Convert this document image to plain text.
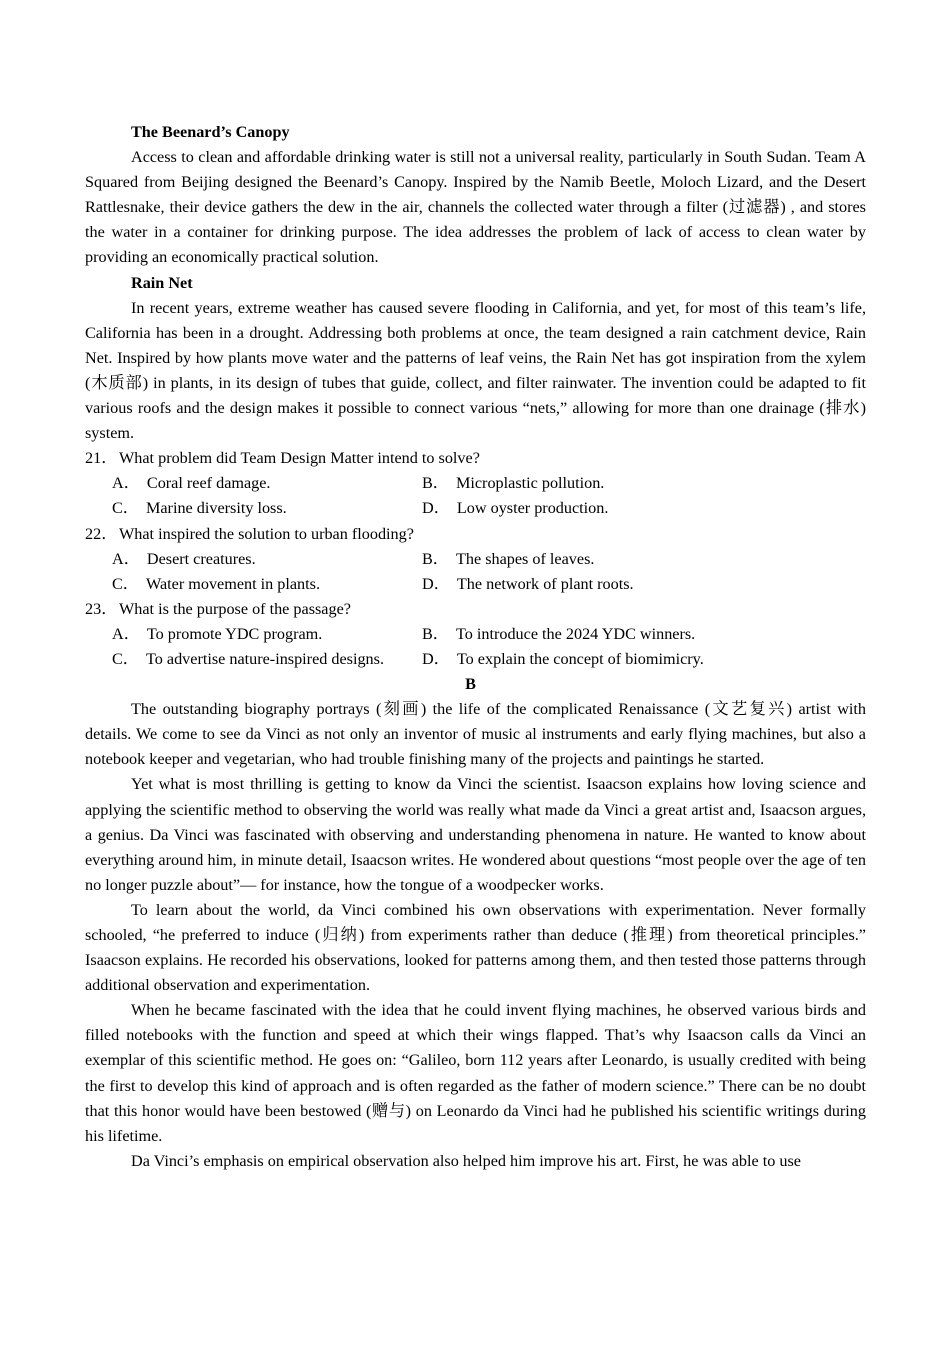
The Beenard’s Canopy

Access to clean and affordable drinking water is still not a universal reality, particularly in South Sudan. Team A Squared from Beijing designed the Beenard’s Canopy. Inspired by the Namib Beetle, Moloch Lizard, and the Desert Rattlesnake, their device gathers the dew in the air, channels the collected water through a filter (过滤器) , and stores the water in a container for drinking purpose. The idea addresses the problem of lack of access to clean water by providing an economically practical solution.

Rain Net

In recent years, extreme weather has caused severe flooding in California, and yet, for most of this team’s life, California has been in a drought. Addressing both problems at once, the team designed a rain catchment device, Rain Net. Inspired by how plants move water and the patterns of leaf veins, the Rain Net has got inspiration from the xylem (木质部) in plants, in its design of tubes that guide, collect, and filter rainwater. The invention could be adapted to fit various roofs and the design makes it possible to connect various “nets,” allowing for more than one drainage (排水) system.

21． What problem did Team Design Matter intend to solve?
A． Coral reef damage.	B． Microplastic pollution.
C． Marine diversity loss.	D． Low oyster production.
22． What inspired the solution to urban flooding?
A． Desert creatures.	B． The shapes of leaves.
C． Water movement in plants.	D． The network of plant roots.
23． What is the purpose of the passage?
A． To promote YDC program.	B． To introduce the 2024 YDC winners.
C． To advertise nature-inspired designs. D． To explain the concept of biomimicry.
B

The outstanding biography portrays (刻画) the life of the complicated Renaissance (文艺复兴) artist with details. We come to see da Vinci as not only an inventor of music al instruments and early flying machines, but also a notebook keeper and vegetarian, who had trouble finishing many of the projects and paintings he started.

Yet what is most thrilling is getting to know da Vinci the scientist. Isaacson explains how loving science and applying the scientific method to observing the world was really what made da Vinci a great artist and, Isaacson argues, a genius. Da Vinci was fascinated with observing and understanding phenomena in nature. He wanted to know about everything around him, in minute detail, Isaacson writes. He wondered about questions “most people over the age of ten no longer puzzle about”— for instance, how the tongue of a woodpecker works.

To learn about the world, da Vinci combined his own observations with experimentation. Never formally schooled, “he preferred to induce (归纳) from experiments rather than deduce (推理) from theoretical principles.” Isaacson explains. He recorded his observations, looked for patterns among them, and then tested those patterns through additional observation and experimentation.

When he became fascinated with the idea that he could invent flying machines, he observed various birds and filled notebooks with the function and speed at which their wings flapped. That’s why Isaacson calls da Vinci an exemplar of this scientific method. He goes on: “Galileo, born 112 years after Leonardo, is usually credited with being the first to develop this kind of approach and is often regarded as the father of modern science.” There can be no doubt that this honor would have been bestowed (赠与) on Leonardo da Vinci had he published his scientific writings during his lifetime.

Da Vinci’s emphasis on empirical observation also helped him improve his art. First, he was able to use
